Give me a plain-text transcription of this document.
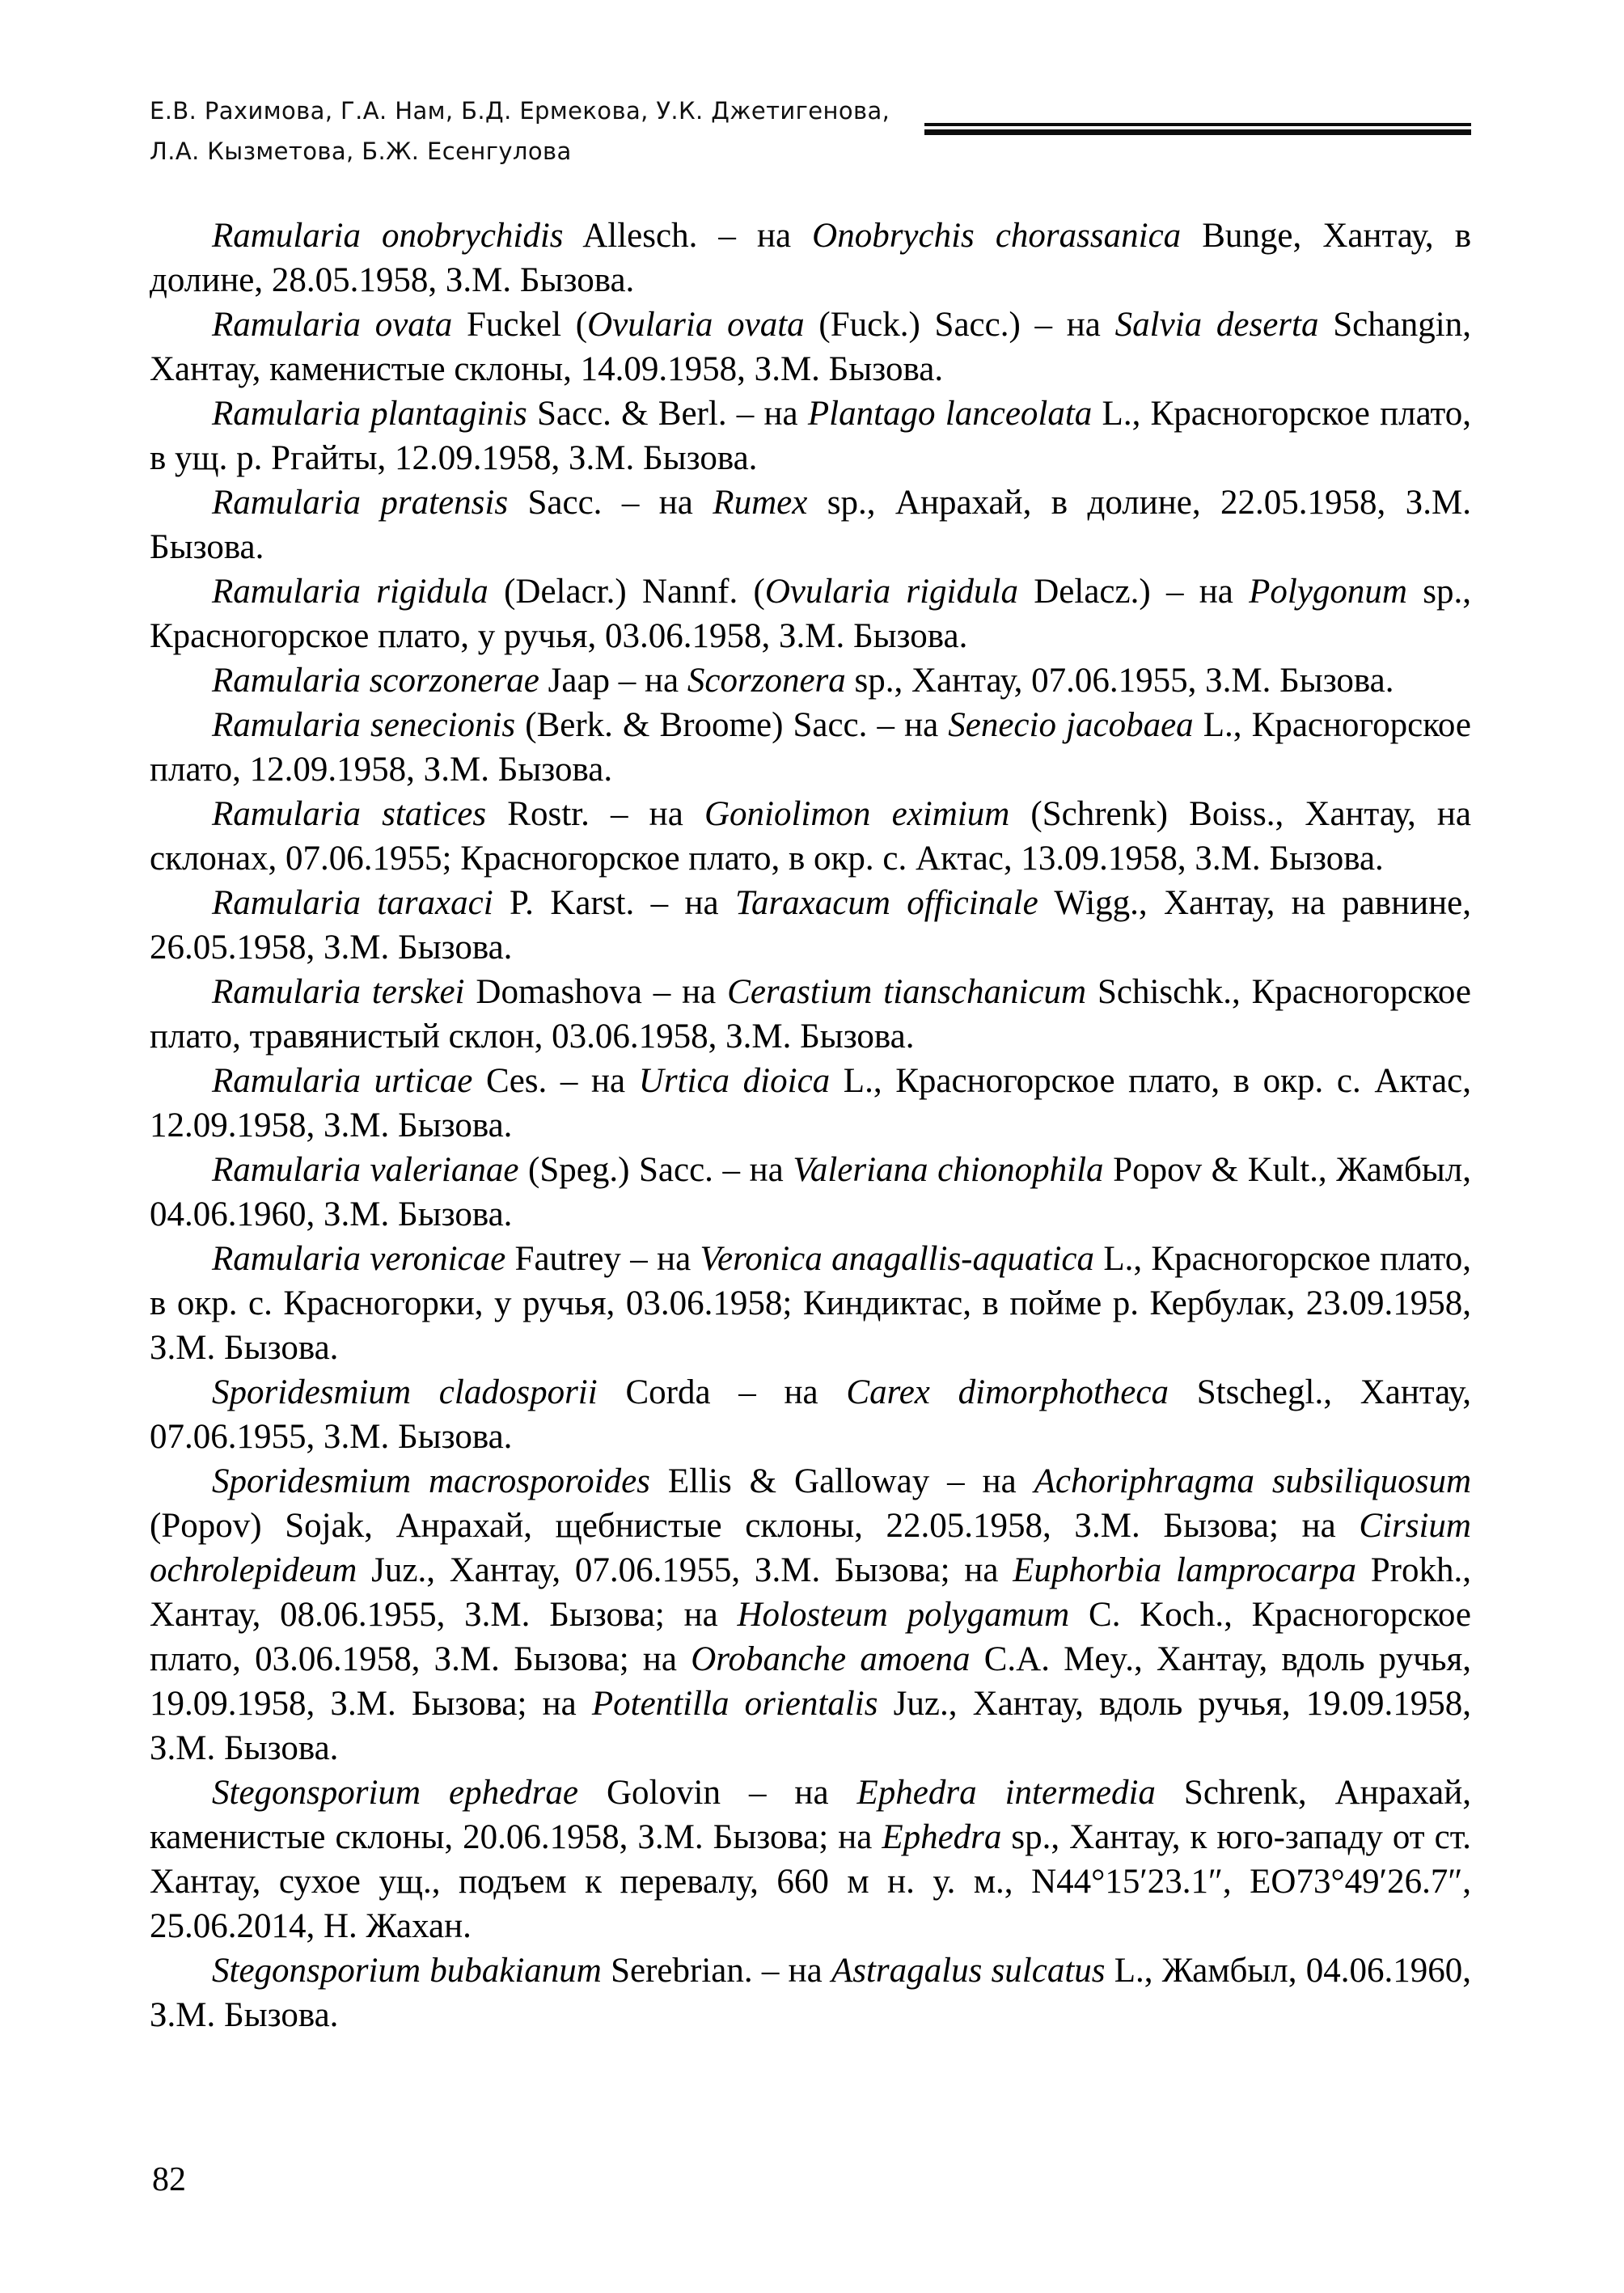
Е.В. Рахимова, Г.А. Нам, Б.Д. Ермекова, У.К. Джетигенова,
Л.А. Кызметова, Б.Ж. Есенгулова

Ramularia onobrychidis Allesch. – на Onobrychis chorassanica Bunge, Хантау, в долине, 28.05.1958, З.М. Бызова.

Ramularia ovata Fuckel (Ovularia ovata (Fuck.) Sacc.) – на Salvia deserta Schangin, Хантау, каменистые склоны, 14.09.1958, З.М. Бызова.

Ramularia plantaginis Sacc. & Berl. – на Plantago lanceolata L., Красногорское плато, в ущ. р. Ргайты, 12.09.1958, З.М. Бызова.

Ramularia pratensis Sacc. – на Rumex sp., Анрахай, в долине, 22.05.1958, З.М. Бызова.

Ramularia rigidula (Delacr.) Nannf. (Ovularia rigidula Delacz.) – на Polygonum sp., Красногорское плато, у ручья, 03.06.1958, З.М. Бызова.

Ramularia scorzonerae Jaap – на Scorzonera sp., Хантау, 07.06.1955, З.М. Бызова.

Ramularia senecionis (Berk. & Broome) Sacc. – на Senecio jacobaea L., Красногорское плато, 12.09.1958, З.М. Бызова.

Ramularia statices Rostr. – на Goniolimon eximium (Schrenk) Boiss., Хантау, на склонах, 07.06.1955; Красногорское плато, в окр. с. Актас, 13.09.1958, З.М. Бызова.

Ramularia taraxaci P. Karst. – на Taraxacum officinale Wigg., Хантау, на равнине, 26.05.1958, З.М. Бызова.

Ramularia terskei Domashova – на Cerastium tianschanicum Schischk., Красногорское плато, травянистый склон, 03.06.1958, З.М. Бызова.

Ramularia urticae Ces. – на Urtica dioica L., Красногорское плато, в окр. с. Актас, 12.09.1958, З.М. Бызова.

Ramularia valerianae (Speg.) Sacc. – на Valeriana chionophila Popov & Kult., Жамбыл, 04.06.1960, З.М. Бызова.

Ramularia veronicae Fautrey – на Veronica anagallis-aquatica L., Красногорское плато, в окр. с. Красногорки, у ручья, 03.06.1958; Киндиктас, в пойме р. Кербулак, 23.09.1958, З.М. Бызова.

Sporidesmium cladosporii Corda – на Carex dimorphotheca Stschegl., Хантау, 07.06.1955, З.М. Бызова.

Sporidesmium macrosporoides Ellis & Galloway – на Achoriphragma subsiliquosum (Popov) Sojak, Анрахай, щебнистые склоны, 22.05.1958, З.М. Бызова; на Cirsium ochrolepideum Juz., Хантау, 07.06.1955, З.М. Бызова; на Euphorbia lamprocarpa Prokh., Хантау, 08.06.1955, З.М. Бызова; на Holosteum polygamum C. Koch., Красногорское плато, 03.06.1958, З.М. Бызова; на Orobanche amoena C.A. Mey., Хантау, вдоль ручья, 19.09.1958, З.М. Бызова; на Potentilla orientalis Juz., Хантау, вдоль ручья, 19.09.1958, З.М. Бызова.

Stegonsporium ephedrae Golovin – на Ephedra intermedia Schrenk, Анрахай, каменистые склоны, 20.06.1958, З.М. Бызова; на Ephedra sp., Хантау, к юго-западу от ст. Хантау, сухое ущ., подъем к перевалу, 660 м н. у. м., N44°15′23.1″, EO73°49′26.7″, 25.06.2014, Н. Жахан.

Stegonsporium bubakianum Serebrian. – на Astragalus sulcatus L., Жамбыл, 04.06.1960, З.М. Бызова.

82
